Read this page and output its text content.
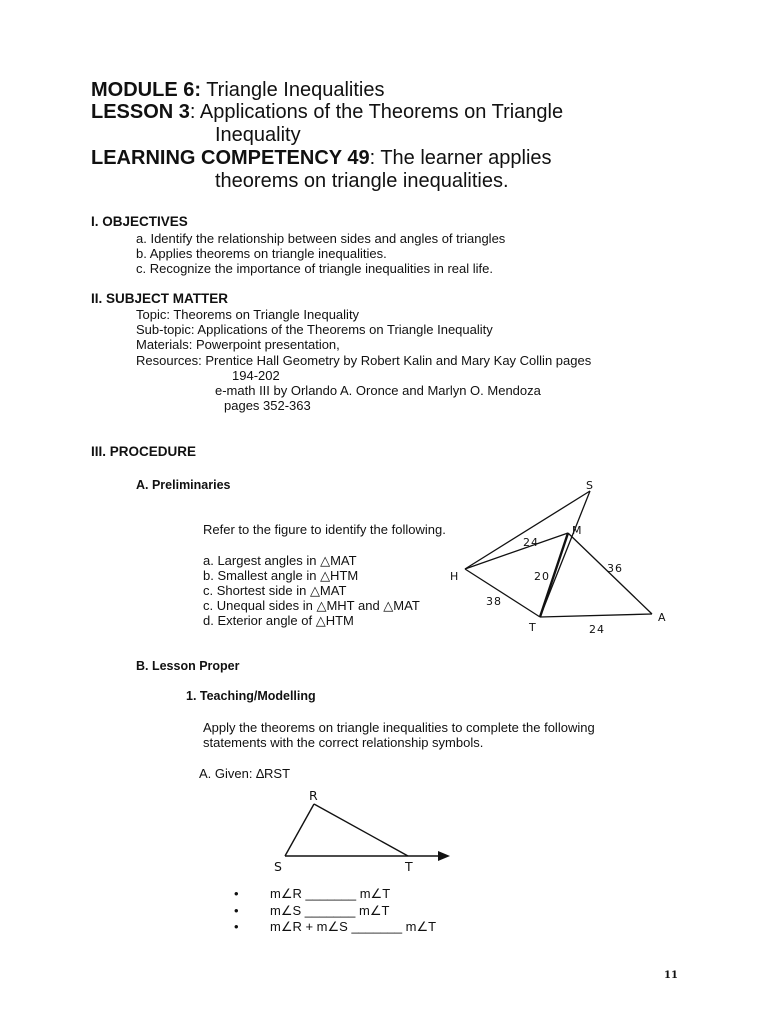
MODULE 6: Triangle Inequalities
LESSON 3: Applications of the Theorems on Triangle
Inequality
LEARNING COMPETENCY 49: The learner applies
theorems on triangle inequalities.
I. OBJECTIVES
a. Identify the relationship between sides and angles of triangles
b. Applies theorems on triangle inequalities.
c. Recognize the importance of triangle inequalities in real life.
II. SUBJECT MATTER
Topic: Theorems on Triangle Inequality
Sub-topic: Applications of the Theorems on Triangle Inequality
Materials: Powerpoint presentation,
Resources: Prentice Hall Geometry by Robert Kalin and Mary Kay Collin pages
194-202
e-math III by Orlando A. Oronce and Marlyn O. Mendoza
pages 352-363
III. PROCEDURE
A. Preliminaries
Refer to the figure to identify the following.
a. Largest angles in △MAT
b. Smallest angle in △HTM
c. Shortest side in △MAT
c. Unequal sides in △MHT and △MAT
d. Exterior angle of △HTM
S
M
H
A
T
24
36
20
38
24
B. Lesson Proper
1. Teaching/Modelling
Apply the theorems on triangle inequalities to complete the following
statements with the correct relationship symbols.
A. Given: ∆RST
R
S	T
• m∠R _______ m∠T
• m∠S _______ m∠T
• m∠R + m∠S _______ m∠T
11
